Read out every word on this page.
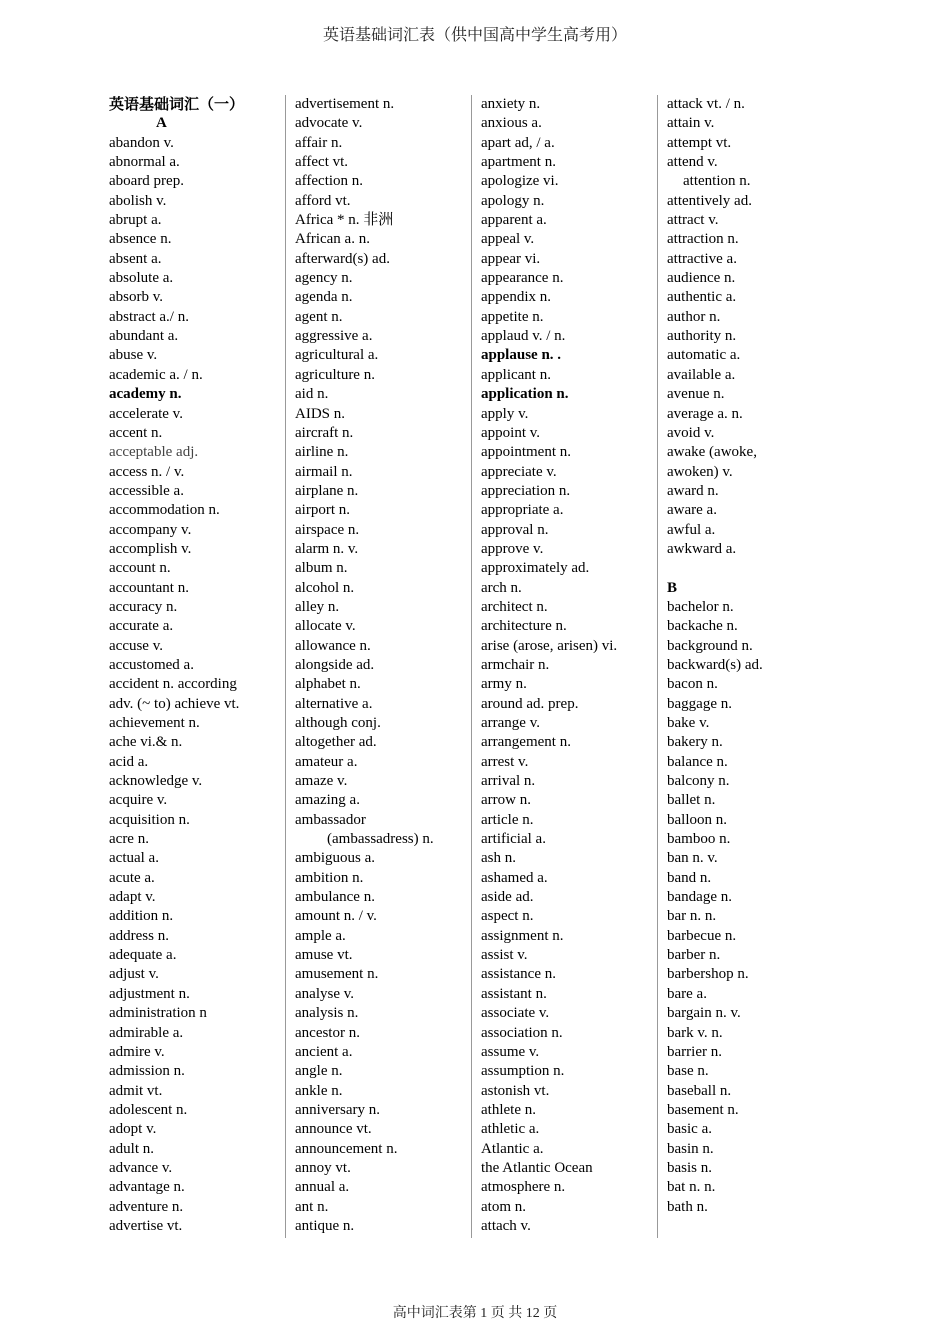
英语基础词汇表（供中国高中学生高考用）
英语基础词汇（一）
A
abandon v.
abnormal a.
aboard prep.
abolish v.
abrupt a.
absence n.
absent a.
absolute a.
absorb v.
abstract a./ n.
abundant a.
abuse v.
academic a. / n.
academy n.
accelerate v.
accent n.
acceptable adj.
access n. / v.
accessible a.
accommodation n.
accompany v.
accomplish v.
account n.
accountant n.
accuracy n.
accurate a.
accuse v.
accustomed a.
accident n. according
adv. (~ to) achieve vt.
achievement n.
ache vi.& n.
acid a.
acknowledge v.
acquire v.
acquisition n.
acre n.
actual a.
acute a.
adapt v.
addition n.
address n.
adequate a.
adjust v.
adjustment n.
administration n
admirable a.
admire v.
admission n.
admit vt.
adolescent n.
adopt v.
adult n.
advance v.
advantage n.
adventure n.
advertise vt.
advertisement n.
advocate v.
affair n.
affect vt.
affection n.
afford vt.
Africa * n. 非洲
African a. n.
afterward(s) ad.
agency n.
agenda n.
agent n.
aggressive a.
agricultural a.
agriculture n.
aid n.
AIDS n.
aircraft n.
airline n.
airmail n.
airplane n.
airport n.
airspace n.
alarm n. v.
album n.
alcohol n.
alley n.
allocate v.
allowance n.
alongside ad.
alphabet n.
alternative a.
although conj.
altogether ad.
amateur a.
amaze v.
amazing a.
ambassador
(ambassadress) n.
ambiguous a.
ambition n.
ambulance n.
amount n. / v.
ample a.
amuse vt.
amusement n.
analyse v.
analysis n.
ancestor n.
ancient a.
angle n.
ankle n.
anniversary n.
announce vt.
announcement n.
annoy vt.
annual a.
ant n.
antique n.
anxiety n.
anxious a.
apart ad, / a.
apartment n.
apologize vi.
apology n.
apparent a.
appeal v.
appear vi.
appearance n.
appendix n.
appetite n.
applaud v. / n.
applause n. .
applicant n.
application n.
apply v.
appoint v.
appointment n.
appreciate v.
appreciation n.
appropriate a.
approval n.
approve v.
approximately ad.
arch n.
architect n.
architecture n.
arise (arose, arisen) vi.
armchair n.
army n.
around ad. prep.
arrange v.
arrangement n.
arrest v.
arrival n.
arrow n.
article n.
artificial a.
ash n.
ashamed a.
aside ad.
aspect n.
assignment n.
assist v.
assistance n.
assistant n.
associate v.
association n.
assume v.
assumption n.
astonish vt.
athlete n.
athletic a.
Atlantic a.
the Atlantic Ocean
atmosphere n.
atom n.
attach v.
attack vt. / n.
attain v.
attempt vt.
attend v.
attention n.
attentively ad.
attract v.
attraction n.
attractive a.
audience n.
authentic a.
author n.
authority n.
automatic a.
available a.
avenue n.
average a. n.
avoid v.
awake (awoke,
awoken) v.
award n.
aware a.
awful a.
awkward a.
B
bachelor n.
backache n.
background n.
backward(s) ad.
bacon n.
baggage n.
bake v.
bakery n.
balance n.
balcony n.
ballet n.
balloon n.
bamboo n.
ban n. v.
band n.
bandage n.
bar n. n.
barbecue n.
barber n.
barbershop n.
bare a.
bargain n. v.
bark v. n.
barrier n.
base n.
baseball n.
basement n.
basic a.
basin n.
basis n.
bat n. n.
bath n.
高中词汇表第 1 页 共 12 页
